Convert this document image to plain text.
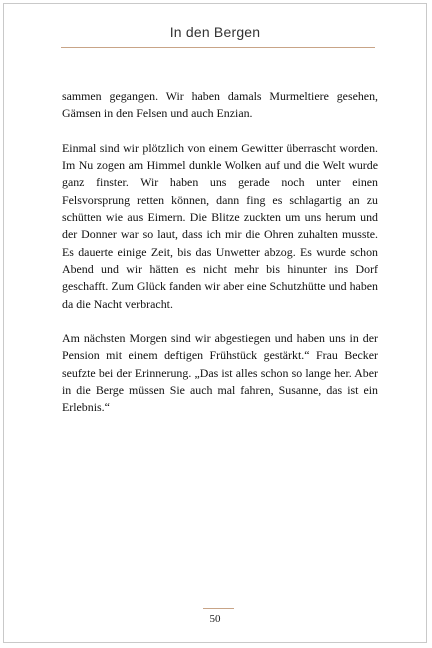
In den Bergen

sammen gegangen. Wir haben damals Murmeltiere gesehen, Gämsen in den Felsen und auch Enzian.

Einmal sind wir plötzlich von einem Gewitter überrascht worden. Im Nu zogen am Himmel dunkle Wolken auf und die Welt wurde ganz finster. Wir haben uns gerade noch unter einen Felsvorsprung retten können, dann fing es schlagartig an zu schütten wie aus Eimern. Die Blitze zuckten um uns herum und der Donner war so laut, dass ich mir die Ohren zuhalten musste. Es dauerte einige Zeit, bis das Unwetter abzog. Es wurde schon Abend und wir hätten es nicht mehr bis hinunter ins Dorf geschafft. Zum Glück fanden wir aber eine Schutzhütte und haben da die Nacht verbracht.

Am nächsten Morgen sind wir abgestiegen und haben uns in der Pension mit einem deftigen Frühstück gestärkt.“ Frau Becker seufzte bei der Erinnerung. „Das ist alles schon so lange her. Aber in die Berge müssen Sie auch mal fahren, Susanne, das ist ein Erlebnis.“

50
